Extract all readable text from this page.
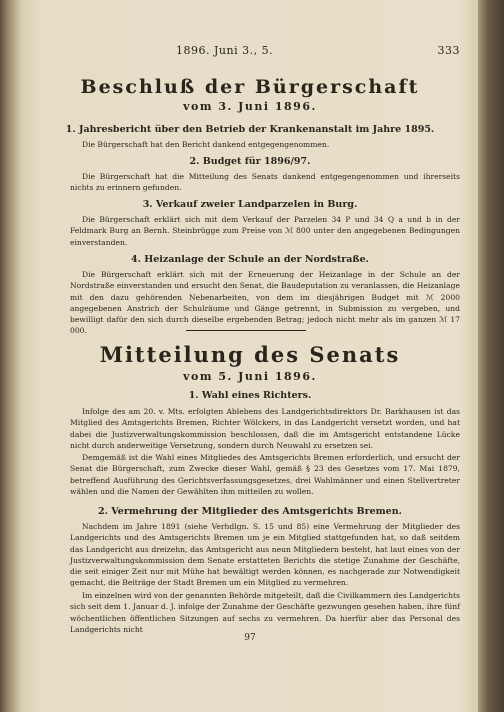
1896. Juni 3., 5.	333
Beschluß der Bürgerschaft
vom 3. Juni 1896.
1. Jahresbericht über den Betrieb der Krankenanstalt im Jahre 1895.
Die Bürgerschaft hat den Bericht dankend entgegengenommen.
2. Budget für 1896/97.
Die Bürgerschaft hat die Mitteilung des Senats dankend entgegengenommen und ihrerseits nichts zu erinnern gefunden.
3. Verkauf zweier Landparzelen in Burg.
Die Bürgerschaft erklärt sich mit dem Verkauf der Parzelen 34 P und 34 Q a und b in der Feldmark Burg an Bernh. Steinbrügge zum Preise von ℳ 800 unter den angegebenen Bedingungen einverstanden.
4. Heizanlage der Schule an der Nordstraße.
Die Bürgerschaft erklärt sich mit der Erneuerung der Heizanlage in der Schule an der Nordstraße einverstanden und ersucht den Senat, die Baudeputation zu veranlassen, die Heizanlage mit den dazu gehörenden Nebenarbeiten, von dem im diesjährigen Budget mit ℳ 2000 angegebenen Anstrich der Schulräume und Gänge getrennt, in Submission zu vergeben, und bewilligt dafür den sich durch dieselbe ergebenden Betrag; jedoch nicht mehr als im ganzen ℳ 17 000.
Mitteilung des Senats
vom 5. Juni 1896.
1. Wahl eines Richters.
Infolge des am 20. v. Mts. erfolgten Ablebens des Landgerichtsdirektors Dr. Barkhausen ist das Mitglied des Amtsgerichts Bremen, Richter Wölckers, in das Landgericht versetzt worden, und hat dabei die Justizverwaltungskommission beschlossen, daß die im Amtsgericht entstandene Lücke nicht durch anderweitige Versetzung, sondern durch Neuwahl zu ersetzen sei.
Demgemäß ist die Wahl eines Mitgliedes des Amtsgerichts Bremen erforderlich, und ersucht der Senat die Bürgerschaft, zum Zwecke dieser Wahl, gemäß § 23 des Gesetzes vom 17. Mai 1879, betreffend Ausführung des Gerichtsverfassungsgesetzes, drei Wahlmänner und einen Stellvertreter wählen und die Namen der Gewählten ihm mitteilen zu wollen.
2. Vermehrung der Mitglieder des Amtsgerichts Bremen.
Nachdem im Jahre 1891 (siehe Verhdlgn. S. 15 und 85) eine Vermehrung der Mitglieder des Landgerichts und des Amtsgerichts Bremen um je ein Mitglied stattgefunden hat, so daß seitdem das Landgericht aus dreizehn, das Amtsgericht aus neun Mitgliedern besteht, hat laut eines von der Justizverwaltungskommission dem Senate erstatteten Berichts die stetige Zunahme der Geschäfte, die seit einiger Zeit nur mit Mühe hat bewältigt werden können, es nachgerade zur Notwendigkeit gemacht, die Beiträge der Stadt Bremen um ein Mitglied zu vermehren.
Im einzelnen wird von der genannten Behörde mitgeteilt, daß die Civilkammern des Landgerichts sich seit dem 1. Januar d. J. infolge der Zunahme der Geschäfte gezwungen gesehen haben, ihre fünf wöchentlichen öffentlichen Sitzungen auf sechs zu vermehren. Da hierfür aber das Personal des Landgerichts nicht
97
